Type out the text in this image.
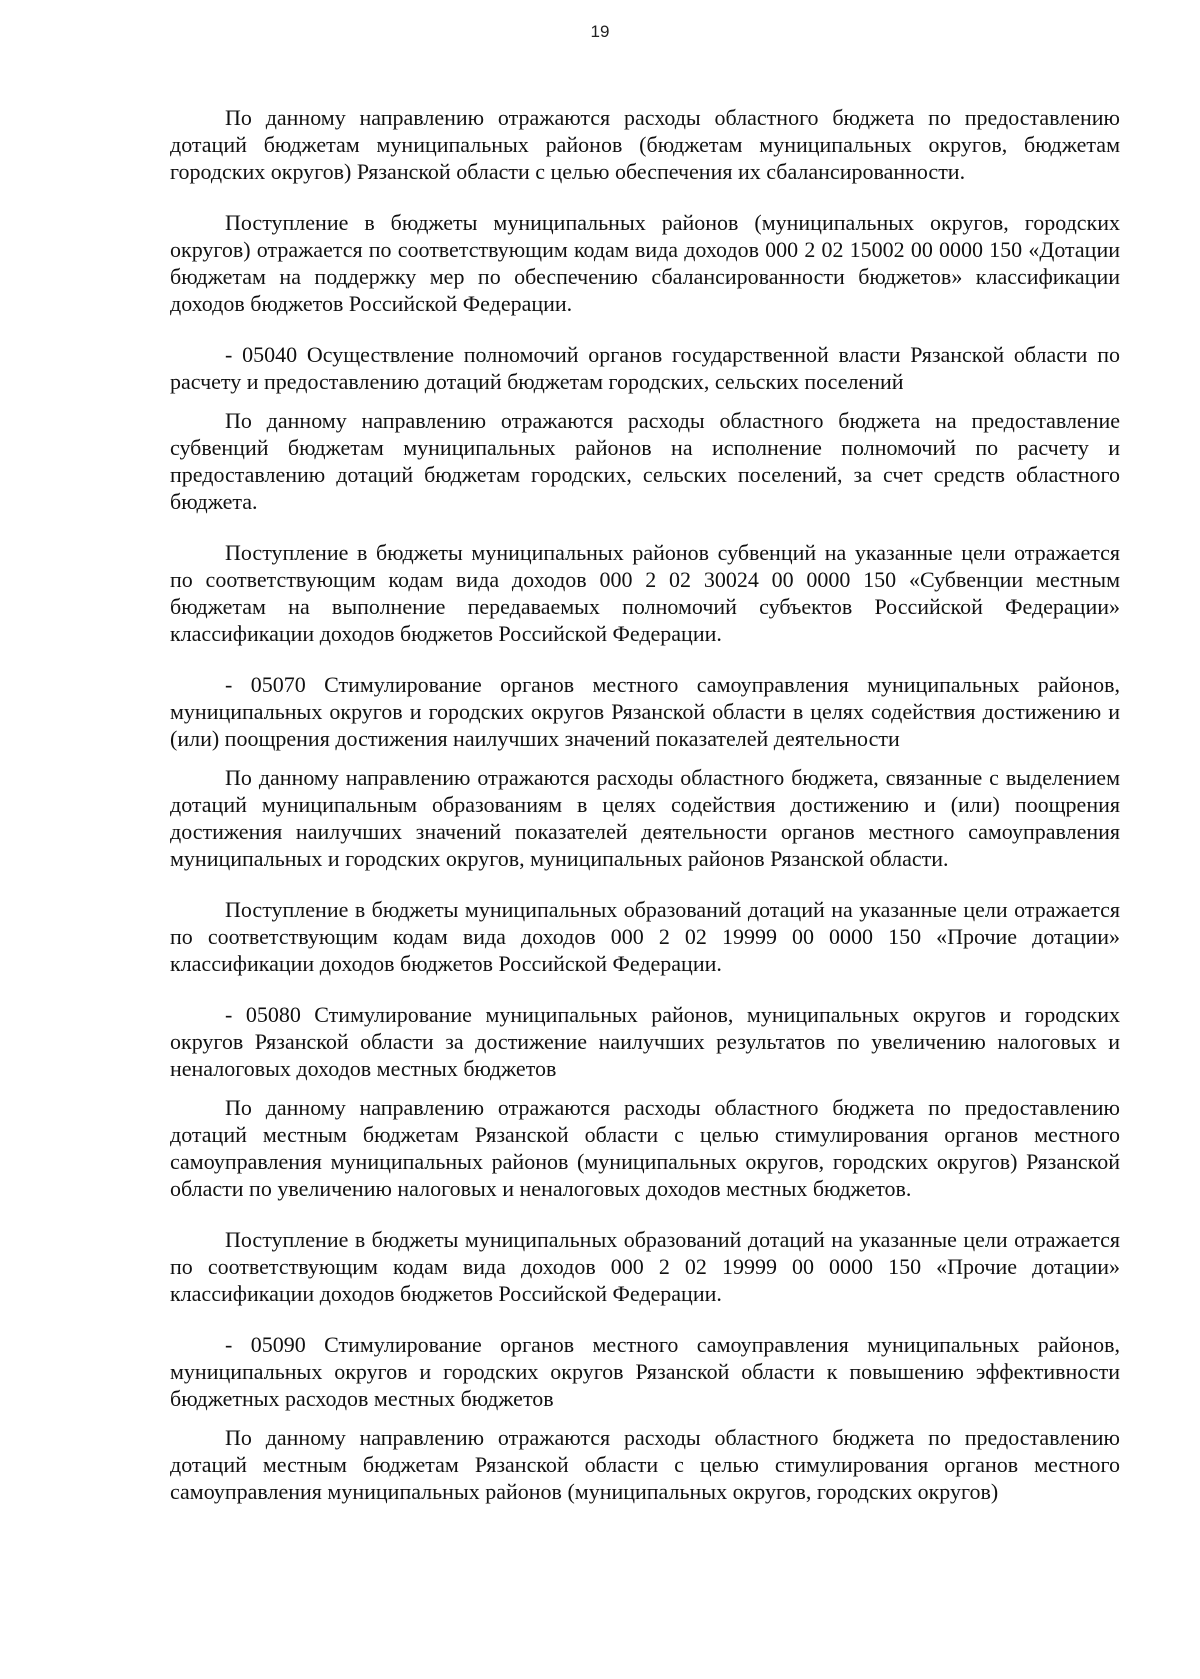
19

По данному направлению отражаются расходы областного бюджета по предоставлению дотаций бюджетам муниципальных районов (бюджетам муниципальных округов, бюджетам городских округов) Рязанской области с целью обеспечения их сбалансированности.

Поступление в бюджеты муниципальных районов (муниципальных округов, городских округов) отражается по соответствующим кодам вида доходов 000 2 02 15002 00 0000 150 «Дотации бюджетам на поддержку мер по обеспечению сбалансированности бюджетов» классификации доходов бюджетов Российской Федерации.

- 05040 Осуществление полномочий органов государственной власти Рязанской области по расчету и предоставлению дотаций бюджетам городских, сельских поселений

По данному направлению отражаются расходы областного бюджета на предоставление субвенций бюджетам муниципальных районов на исполнение полномочий по расчету и предоставлению дотаций бюджетам городских, сельских поселений, за счет средств областного бюджета.

Поступление в бюджеты муниципальных районов субвенций на указанные цели отражается по соответствующим кодам вида доходов 000 2 02 30024 00 0000 150 «Субвенции местным бюджетам на выполнение передаваемых полномочий субъектов Российской Федерации» классификации доходов бюджетов Российской Федерации.

- 05070 Стимулирование органов местного самоуправления муниципальных районов, муниципальных округов и городских округов Рязанской области в целях содействия достижению и (или) поощрения достижения наилучших значений показателей деятельности

По данному направлению отражаются расходы областного бюджета, связанные с выделением дотаций муниципальным образованиям в целях содействия достижению и (или) поощрения достижения наилучших значений показателей деятельности органов местного самоуправления муниципальных и городских округов, муниципальных районов Рязанской области.

Поступление в бюджеты муниципальных образований дотаций на указанные цели отражается по соответствующим кодам вида доходов 000 2 02 19999 00 0000 150 «Прочие дотации» классификации доходов бюджетов Российской Федерации.

- 05080 Стимулирование муниципальных районов, муниципальных округов и городских округов Рязанской области за достижение наилучших результатов по увеличению налоговых и неналоговых доходов местных бюджетов

По данному направлению отражаются расходы областного бюджета по предоставлению дотаций местным бюджетам Рязанской области с целью стимулирования органов местного самоуправления муниципальных районов (муниципальных округов, городских округов) Рязанской области по увеличению налоговых и неналоговых доходов местных бюджетов.

Поступление в бюджеты муниципальных образований дотаций на указанные цели отражается по соответствующим кодам вида доходов 000 2 02 19999 00 0000 150 «Прочие дотации» классификации доходов бюджетов Российской Федерации.

- 05090 Стимулирование органов местного самоуправления муниципальных районов, муниципальных округов и городских округов Рязанской области к повышению эффективности бюджетных расходов местных бюджетов

По данному направлению отражаются расходы областного бюджета по предоставлению дотаций местным бюджетам Рязанской области с целью стимулирования органов местного самоуправления муниципальных районов (муниципальных округов, городских округов)
